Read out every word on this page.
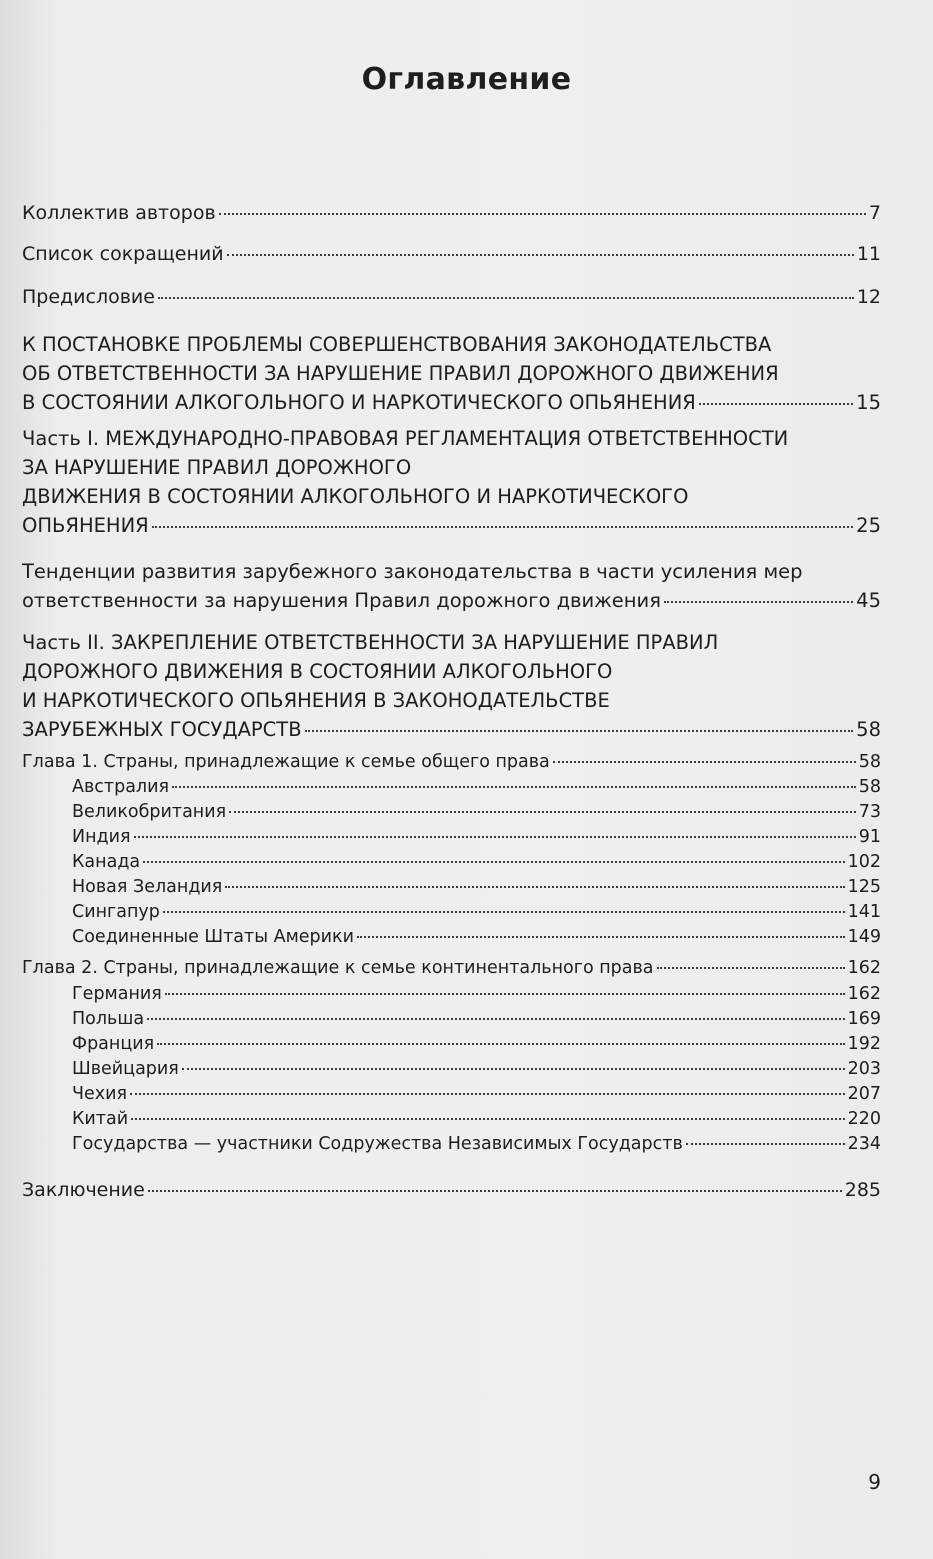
Оглавление
Коллектив авторов	7
Список сокращений	11
Предисловие	12
К ПОСТАНОВКЕ ПРОБЛЕМЫ СОВЕРШЕНСТВОВАНИЯ ЗАКОНОДАТЕЛЬСТВА
ОБ ОТВЕТСТВЕННОСТИ ЗА НАРУШЕНИЕ ПРАВИЛ ДОРОЖНОГО ДВИЖЕНИЯ
В СОСТОЯНИИ АЛКОГОЛЬНОГО И НАРКОТИЧЕСКОГО ОПЬЯНЕНИЯ	15
Часть I. МЕЖДУНАРОДНО-ПРАВОВАЯ РЕГЛАМЕНТАЦИЯ ОТВЕТСТВЕННОСТИ
ЗА НАРУШЕНИЕ ПРАВИЛ ДОРОЖНОГО
ДВИЖЕНИЯ В СОСТОЯНИИ АЛКОГОЛЬНОГО И НАРКОТИЧЕСКОГО
ОПЬЯНЕНИЯ	25
Тенденции развития зарубежного законодательства в части усиления мер
ответственности за нарушения Правил дорожного движения	45
Часть II. ЗАКРЕПЛЕНИЕ ОТВЕТСТВЕННОСТИ ЗА НАРУШЕНИЕ ПРАВИЛ
ДОРОЖНОГО ДВИЖЕНИЯ В СОСТОЯНИИ АЛКОГОЛЬНОГО
И НАРКОТИЧЕСКОГО ОПЬЯНЕНИЯ В ЗАКОНОДАТЕЛЬСТВЕ
ЗАРУБЕЖНЫХ ГОСУДАРСТВ	58
Глава 1. Страны, принадлежащие к семье общего права	58
Австралия	58
Великобритания	73
Индия	91
Канада	102
Новая Зеландия	125
Сингапур	141
Соединенные Штаты Америки	149
Глава 2. Страны, принадлежащие к семье континентального права	162
Германия	162
Польша	169
Франция	192
Швейцария	203
Чехия	207
Китай	220
Государства — участники Содружества Независимых Государств	234
Заключение	285
9
